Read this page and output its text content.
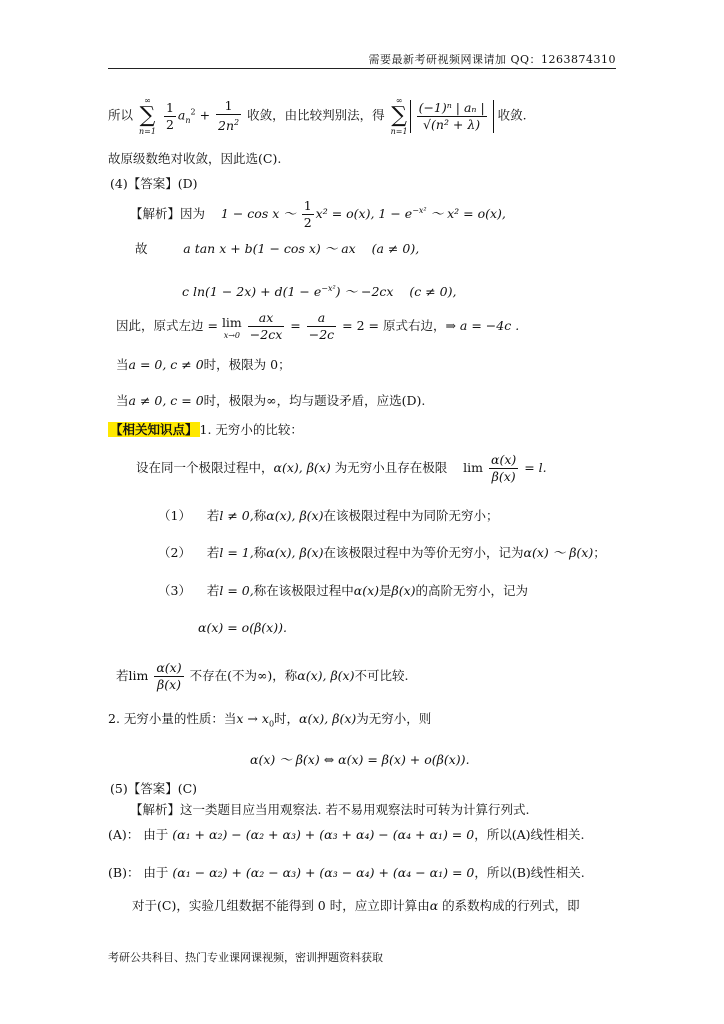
需要最新考研视频网课请加 QQ：1263874310
所以
∞
∑
n=1
$\frac{1}{2} a_n^2 + \frac{1}{2n^2}$ 收敛，由比较判别法，得
∞
∑
$n=1 \frac{\text{(−1)ⁿ | aₙ |}}{\text{√(n² + λ)}}$ 收敛.
故原级数绝对收敛，因此选(C).
(4)【答案】(D)
【解析】因为 1 − cos x ～ $\frac{1}{2} x^2 = o(x)$, $1 - e^{-x^2}$ ～ x² = o(x),
故	a tan x + b(1 − cos x) ～ ax (a ≠ 0),
c $\ln(1 - 2x) + d(1 - e^{-x^2})$ ～ −2cx (c ≠ 0),
因此，原式左边 = lim
x→0
$\frac{ax}{-2cx} = \frac{a}{-2c} = 2$ = 原式右边，⇒ a = −4c .
当a = 0, c ≠ 0时，极限为 0；
当a ≠ 0, c = 0时，极限为∞，均与题设矛盾，应选(D).
【相关知识点】 1. 无穷小的比较：
设在同一个极限过程中，α(x), β(x) 为无穷小且存在极限 $\lim \frac{\alpha(x)}{\beta(x)} = l$.
（1） 若l ≠ 0,称α(x), β(x)在该极限过程中为同阶无穷小；
（2） 若l = 1,称α(x), β(x)在该极限过程中为等价无穷小，记为α(x) ～ β(x)；
（3） 若l = 0,称在该极限过程中α(x)是β(x)的高阶无穷小，记为
α(x) = o(β(x)).
若$\lim \frac{\alpha(x)}{\beta(x)}$ 不存在(不为∞)，称α(x), β(x)不可比较.
2. 无穷小量的性质：当$x \to x_0$时，α(x), β(x)为无穷小，则
α(x) ～ β(x) ⇔ α(x) = β(x) + o(β(x)).
(5)【答案】(C)
【解析】这一类题目应当用观察法. 若不易用观察法时可转为计算行列式.
(A)： 由于 (α₁ + α₂) − (α₂ + α₃) + (α₃ + α₄) − (α₄ + α₁) = 0，所以(A)线性相关.
(B)： 由于 (α₁ − α₂) + (α₂ − α₃) + (α₃ − α₄) + (α₄ − α₁) = 0，所以(B)线性相关.
对于(C)，实验几组数据不能得到 0 时，应立即计算由α 的系数构成的行列式，即
考研公共科目、热门专业课网课视频，密训押题资料获取
